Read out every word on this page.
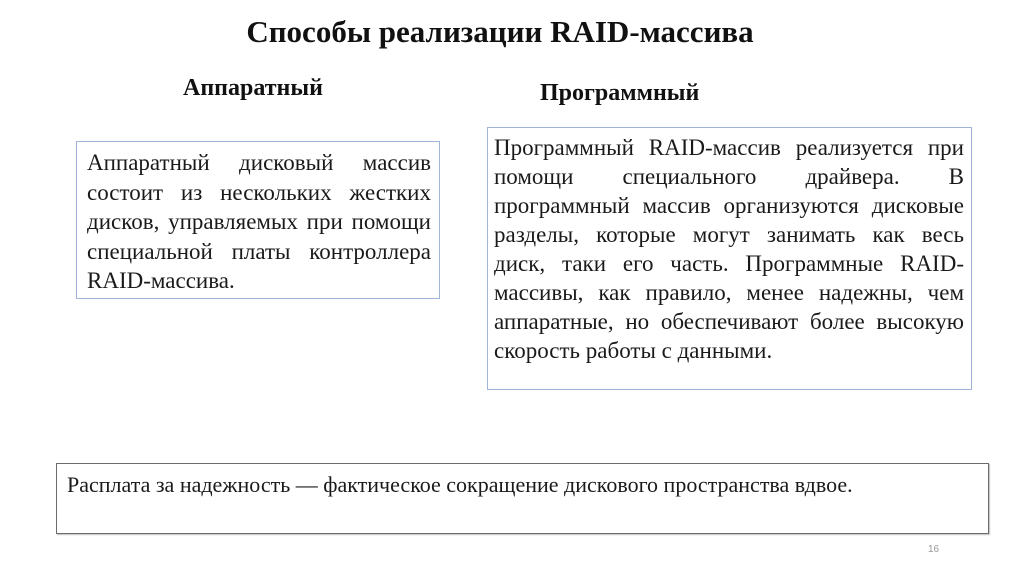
Способы реализации RAID-массива
Аппаратный	Программный

Аппаратный дисковый массив состоит из нескольких жестких дисков, управляемых при помощи специальной платы контроллера RAID-массива.

Программный RAID-массив реализуется при помощи специального драйвера. В программный массив организуются дисковые разделы, которые могут занимать как весь диск, таки его часть. Программные RAID-массивы, как правило, менее надежны, чем аппаратные, но обеспечивают более высокую скорость работы с данными.

Расплата за надежность — фактическое сокращение дискового пространства вдвое.

16
